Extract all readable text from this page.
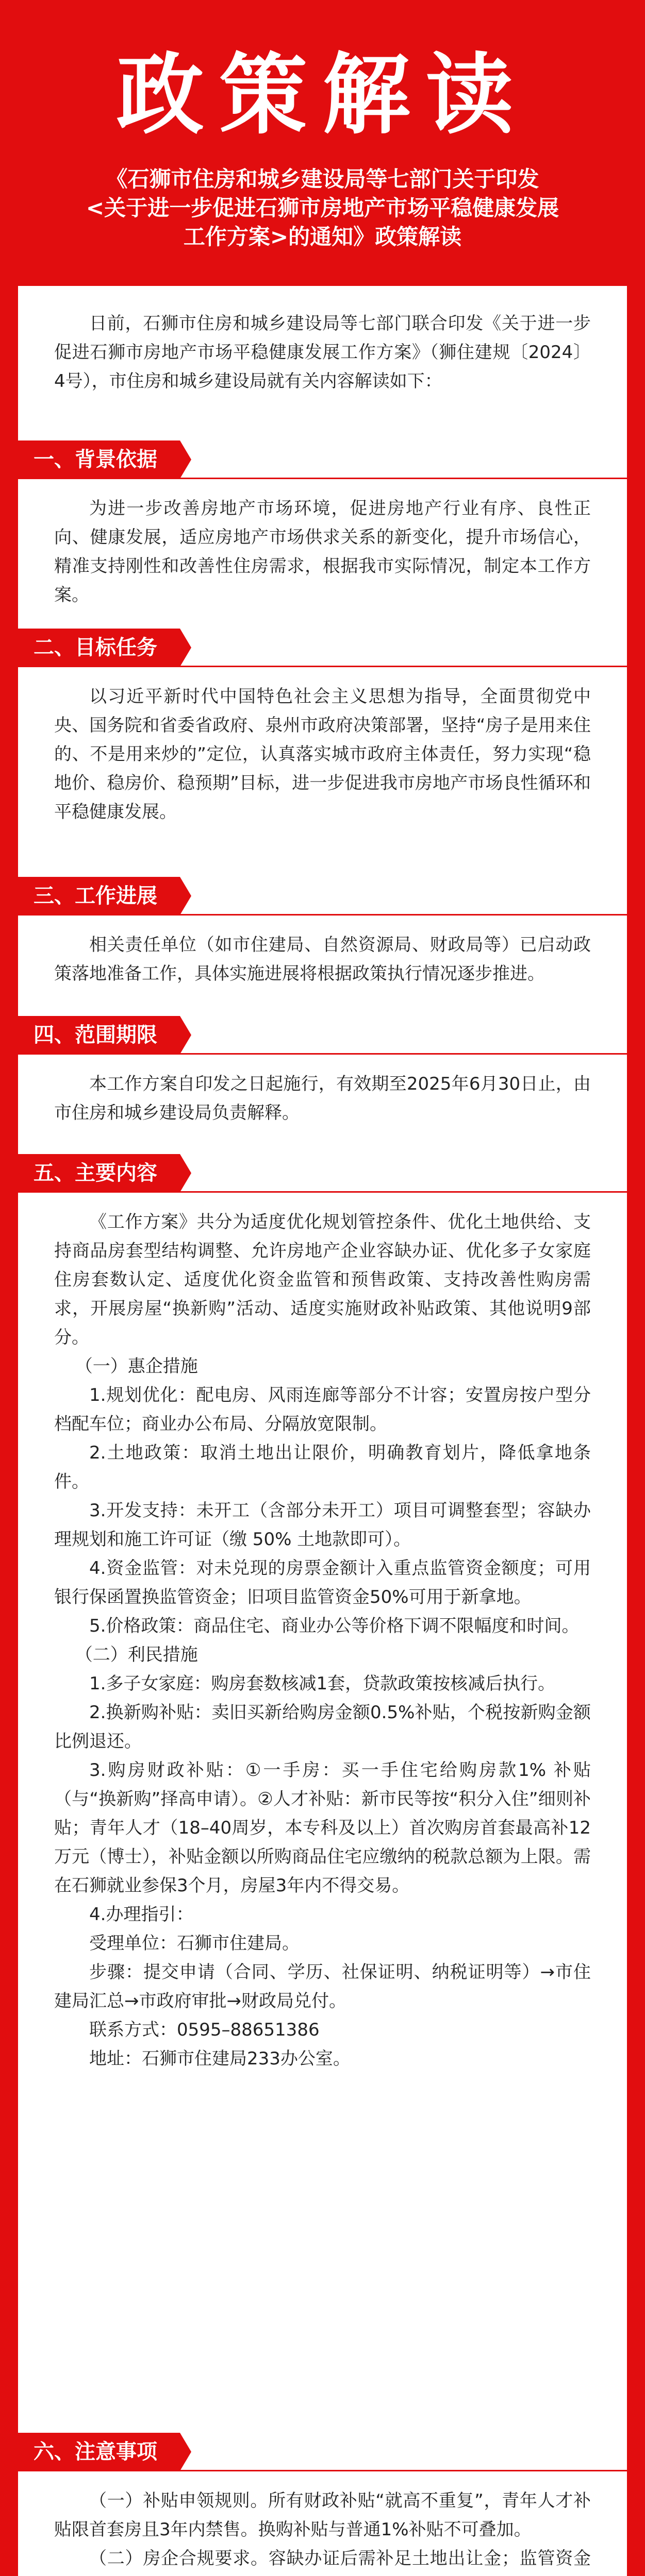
政策解读
《石狮市住房和城乡建设局等七部门关于印发
<关于进一步促进石狮市房地产市场平稳健康发展
工作方案>的通知》政策解读

日前，石狮市住房和城乡建设局等七部门联合印发《关于进一步促进石狮市房地产市场平稳健康发展工作方案》（狮住建规〔2024〕4号），市住房和城乡建设局就有关内容解读如下：

一、背景依据

为进一步改善房地产市场环境，促进房地产行业有序、良性正向、健康发展，适应房地产市场供求关系的新变化，提升市场信心，精准支持刚性和改善性住房需求，根据我市实际情况，制定本工作方案。

二、目标任务

以习近平新时代中国特色社会主义思想为指导，全面贯彻党中央、国务院和省委省政府、泉州市政府决策部署，坚持“房子是用来住的、不是用来炒的”定位，认真落实城市政府主体责任，努力实现“稳地价、稳房价、稳预期”目标，进一步促进我市房地产市场良性循环和平稳健康发展。

三、工作进展

相关责任单位（如市住建局、自然资源局、财政局等）已启动政策落地准备工作，具体实施进展将根据政策执行情况逐步推进。

四、范围期限

本工作方案自印发之日起施行，有效期至2025年6月30日止，由市住房和城乡建设局负责解释。

五、主要内容

《工作方案》共分为适度优化规划管控条件、优化土地供给、支持商品房套型结构调整、允许房地产企业容缺办证、优化多子女家庭住房套数认定、适度优化资金监管和预售政策、支持改善性购房需求，开展房屋“换新购”活动、适度实施财政补贴政策、其他说明9部分。

（一）惠企措施

1.规划优化：配电房、风雨连廊等部分不计容；安置房按户型分档配车位；商业办公布局、分隔放宽限制。

2.土地政策：取消土地出让限价，明确教育划片，降低拿地条件。

3.开发支持：未开工（含部分未开工）项目可调整套型；容缺办理规划和施工许可证（缴 50% 土地款即可）。

4.资金监管：对未兑现的房票金额计入重点监管资金额度；可用银行保函置换监管资金；旧项目监管资金50%可用于新拿地。

5.价格政策：商品住宅、商业办公等价格下调不限幅度和时间。

（二）利民措施

1.多子女家庭：购房套数核减1套，贷款政策按核减后执行。

2.换新购补贴：卖旧买新给购房金额0.5%补贴，个税按新购金额比例退还。

3.购房财政补贴：①一手房：买一手住宅给购房款1% 补贴（与“换新购”择高申请）。②人才补贴：新市民等按“积分入住”细则补贴；青年人才（18–40周岁，本专科及以上）首次购房首套最高补12万元（博士），补贴金额以所购商品住宅应缴纳的税款总额为上限。需在石狮就业参保3个月，房屋3年内不得交易。

4.办理指引：

受理单位：石狮市住建局。

步骤：提交申请（合同、学历、社保证明、纳税证明等）→市住建局汇总→市政府审批→财政局兑付。

联系方式：0595–88651386

地址：石狮市住建局233办公室。

六、注意事项

（一）补贴申领规则。所有财政补贴“就高不重复”，青年人才补贴限首套房且3年内禁售。换购补贴与普通1%补贴不可叠加。

（二）房企合规要求。容缺办证后需补足土地出让金；监管资金
